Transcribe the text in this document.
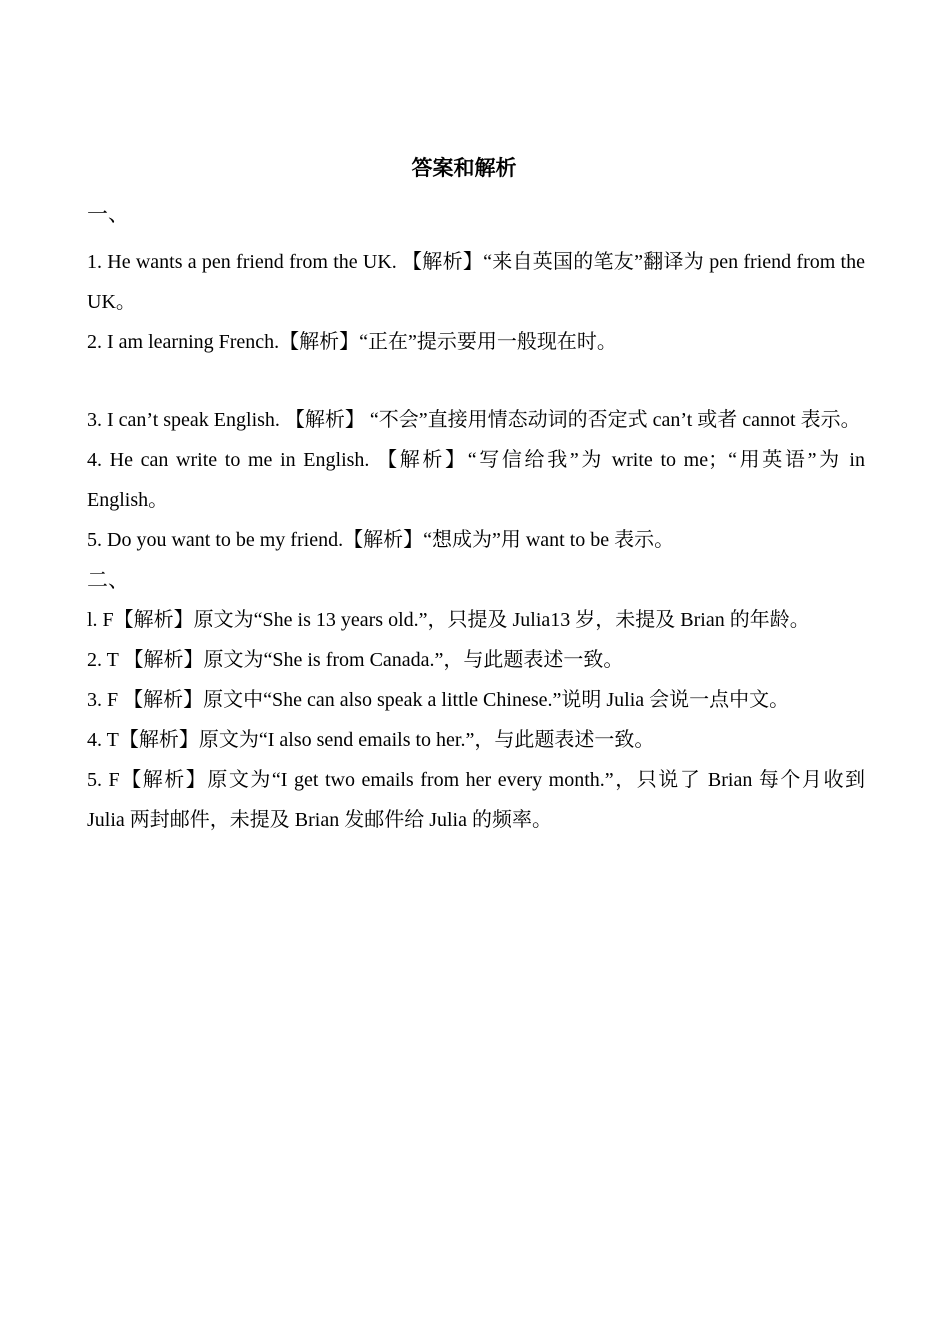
答案和解析
一、

1. He wants a pen friend from the UK. 【解析】“来自英国的笔友”翻译为 pen friend from the UK。

2. I am learning French.【解析】“正在”提示要用一般现在时。

3. I can’t speak English. 【解析】 “不会”直接用情态动词的否定式 can’t 或者 cannot 表示。

4. He can write to me in English. 【解析】“写信给我”为 write to me；“用英语”为 in English。

5. Do you want to be my friend.【解析】“想成为”用 want to be 表示。

二、

l. F【解析】原文为“She is 13 years old.”，只提及 Julia13 岁，未提及 Brian 的年龄。

2. T 【解析】原文为“She is from Canada.”，与此题表述一致。

3. F 【解析】原文中“She can also speak a little Chinese.”说明 Julia 会说一点中文。

4. T【解析】原文为“I also send emails to her.”，与此题表述一致。

5. F【解析】原文为“I get two emails from her every month.”，只说了 Brian 每个月收到 Julia 两封邮件，未提及 Brian 发邮件给 Julia 的频率。
